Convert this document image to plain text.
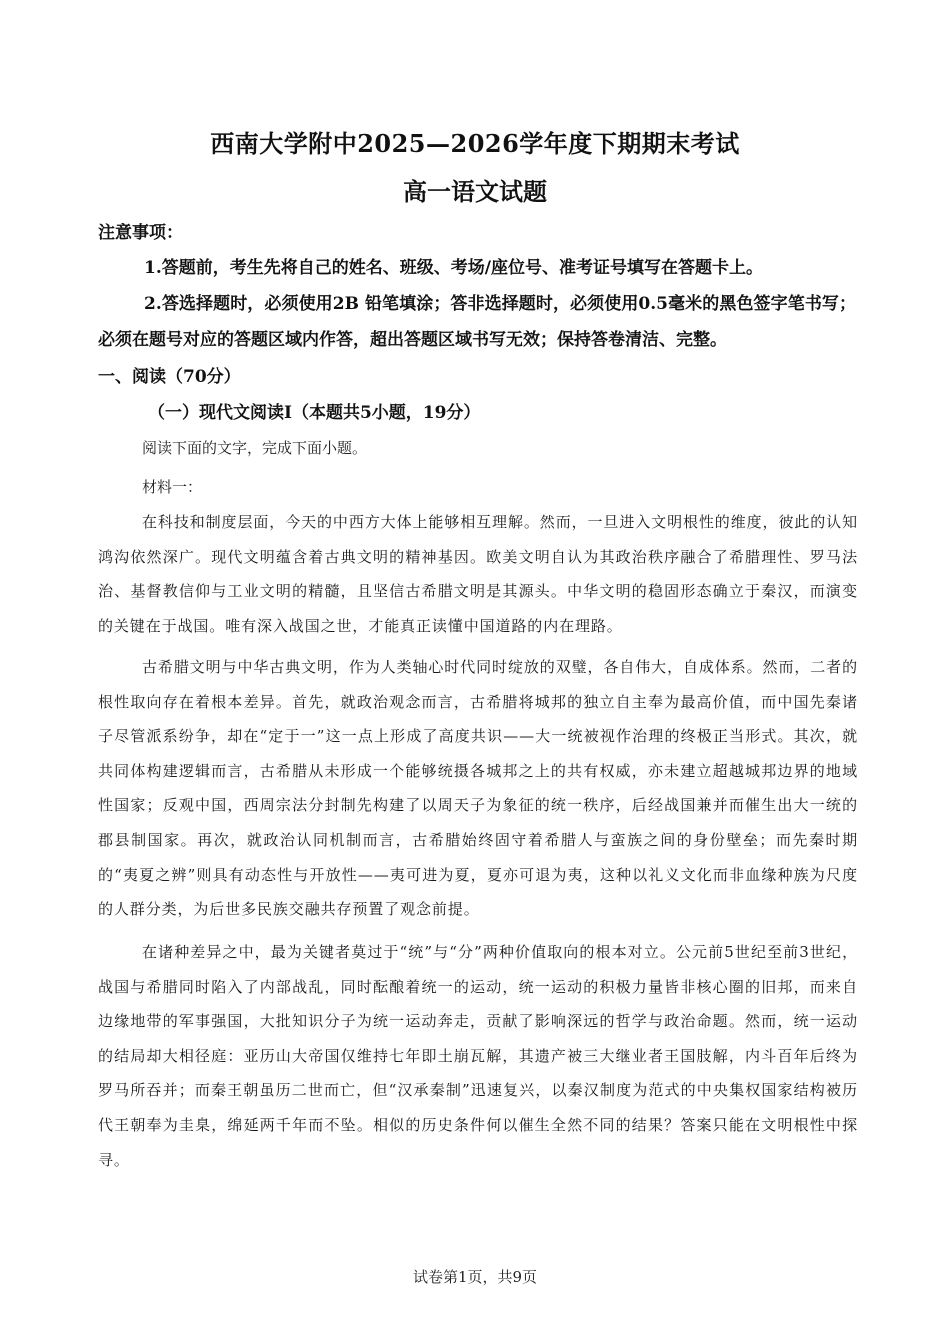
西南大学附中2025—2026学年度下期期末考试
高一语文试题
注意事项：
1.答题前，考生先将自己的姓名、班级、考场/座位号、准考证号填写在答题卡上。
2.答选择题时，必须使用2B 铅笔填涂；答非选择题时，必须使用0.5毫米的黑色签字笔书写；必须在题号对应的答题区域内作答，超出答题区域书写无效；保持答卷清洁、完整。
一、阅读（70分）
（一）现代文阅读I（本题共5小题，19分）
阅读下面的文字，完成下面小题。
材料一：
在科技和制度层面，今天的中西方大体上能够相互理解。然而，一旦进入文明根性的维度，彼此的认知鸿沟依然深广。现代文明蕴含着古典文明的精神基因。欧美文明自认为其政治秩序融合了希腊理性、罗马法治、基督教信仰与工业文明的精髓，且坚信古希腊文明是其源头。中华文明的稳固形态确立于秦汉，而演变的关键在于战国。唯有深入战国之世，才能真正读懂中国道路的内在理路。
古希腊文明与中华古典文明，作为人类轴心时代同时绽放的双璧，各自伟大，自成体系。然而，二者的根性取向存在着根本差异。首先，就政治观念而言，古希腊将城邦的独立自主奉为最高价值，而中国先秦诸子尽管派系纷争，却在“定于一”这一点上形成了高度共识——大一统被视作治理的终极正当形式。其次，就共同体构建逻辑而言，古希腊从未形成一个能够统摄各城邦之上的共有权威，亦未建立超越城邦边界的地域性国家；反观中国，西周宗法分封制先构建了以周天子为象征的统一秩序，后经战国兼并而催生出大一统的郡县制国家。再次，就政治认同机制而言，古希腊始终固守着希腊人与蛮族之间的身份壁垒；而先秦时期的“夷夏之辨”则具有动态性与开放性——夷可进为夏，夏亦可退为夷，这种以礼义文化而非血缘种族为尺度的人群分类，为后世多民族交融共存预置了观念前提。
在诸种差异之中，最为关键者莫过于“统”与“分”两种价值取向的根本对立。公元前5世纪至前3世纪，战国与希腊同时陷入了内部战乱，同时酝酿着统一的运动，统一运动的积极力量皆非核心圈的旧邦，而来自边缘地带的军事强国，大批知识分子为统一运动奔走，贡献了影响深远的哲学与政治命题。然而，统一运动的结局却大相径庭：亚历山大帝国仅维持七年即土崩瓦解，其遗产被三大继业者王国肢解，内斗百年后终为罗马所吞并；而秦王朝虽历二世而亡，但“汉承秦制”迅速复兴，以秦汉制度为范式的中央集权国家结构被历代王朝奉为圭臬，绵延两千年而不坠。相似的历史条件何以催生全然不同的结果？答案只能在文明根性中探寻。
试卷第1页，共9页
